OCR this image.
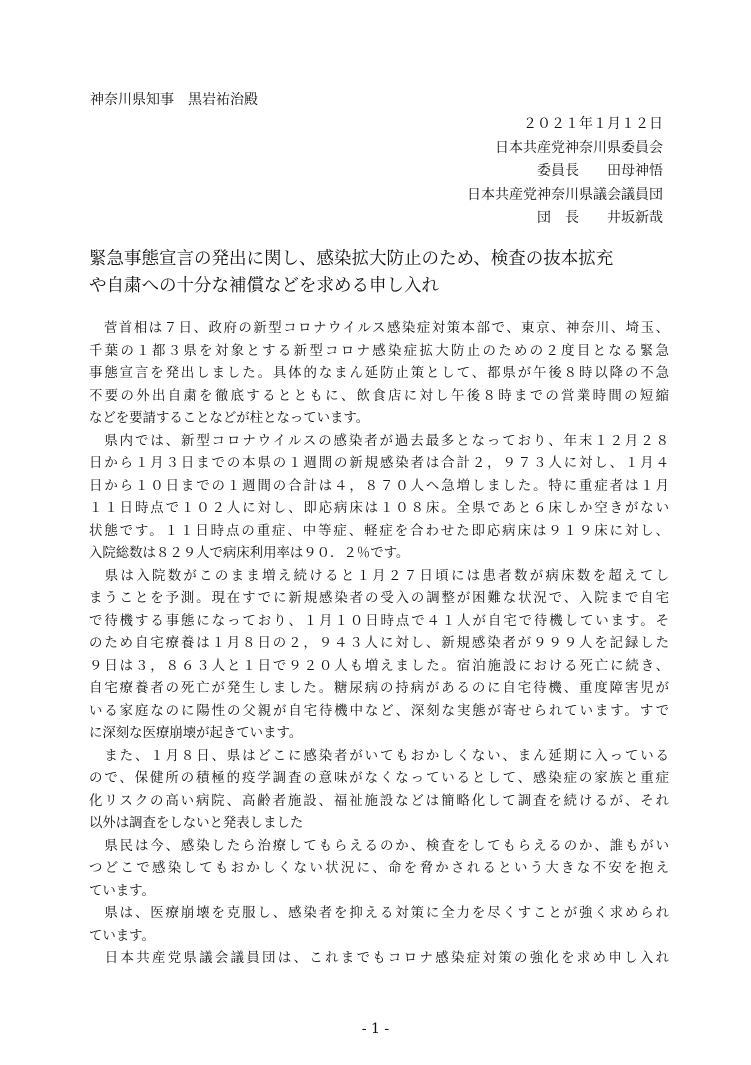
神奈川県知事　黒岩祐治殿
２０２１年１月１２日
日本共産党神奈川県委員会
委員長　　田母神悟
日本共産党神奈川県議会議員団
団　長　　井坂新哉
緊急事態宣言の発出に関し、感染拡大防止のため、検査の抜本拡充
や自粛への十分な補償などを求める申し入れ
　菅首相は７日、政府の新型コロナウイルス感染症対策本部で、東京、神奈川、埼玉、
千葉の１都３県を対象とする新型コロナ感染症拡大防止のための２度目となる緊急
事態宣言を発出しました。具体的なまん延防止策として、都県が午後８時以降の不急
不要の外出自粛を徹底するとともに、飲食店に対し午後８時までの営業時間の短縮
などを要請することなどが柱となっています。
　県内では、新型コロナウイルスの感染者が過去最多となっており、年末１２月２８
日から１月３日までの本県の１週間の新規感染者は合計２，９７３人に対し、１月４
日から１０日までの１週間の合計は４，８７０人へ急増しました。特に重症者は１月
１１日時点で１０２人に対し、即応病床は１０８床。全県であと６床しか空きがない
状態です。１１日時点の重症、中等症、軽症を合わせた即応病床は９１９床に対し、
入院総数は８２９人で病床利用率は９０．２％です。
　県は入院数がこのまま増え続けると１月２７日頃には患者数が病床数を超えてし
まうことを予測。現在すでに新規感染者の受入の調整が困難な状況で、入院まで自宅
で待機する事態になっており、１月１０日時点で４１人が自宅で待機しています。そ
のため自宅療養は１月８日の２，９４３人に対し、新規感染者が９９９人を記録した
９日は３，８６３人と１日で９２０人も増えました。宿泊施設における死亡に続き、
自宅療養者の死亡が発生しました。糖尿病の持病があるのに自宅待機、重度障害児が
いる家庭なのに陽性の父親が自宅待機中など、深刻な実態が寄せられています。すで
に深刻な医療崩壊が起きています。
　また、１月８日、県はどこに感染者がいてもおかしくない、まん延期に入っている
ので、保健所の積極的疫学調査の意味がなくなっているとして、感染症の家族と重症
化リスクの高い病院、高齢者施設、福祉施設などは簡略化して調査を続けるが、それ
以外は調査をしないと発表しました
　県民は今、感染したら治療してもらえるのか、検査をしてもらえるのか、誰もがい
つどこで感染してもおかしくない状況に、命を脅かされるという大きな不安を抱え
ています。
　県は、医療崩壊を克服し、感染者を抑える対策に全力を尽くすことが強く求められ
ています。
　日本共産党県議会議員団は、これまでもコロナ感染症対策の強化を求め申し入れ
- 1 -
